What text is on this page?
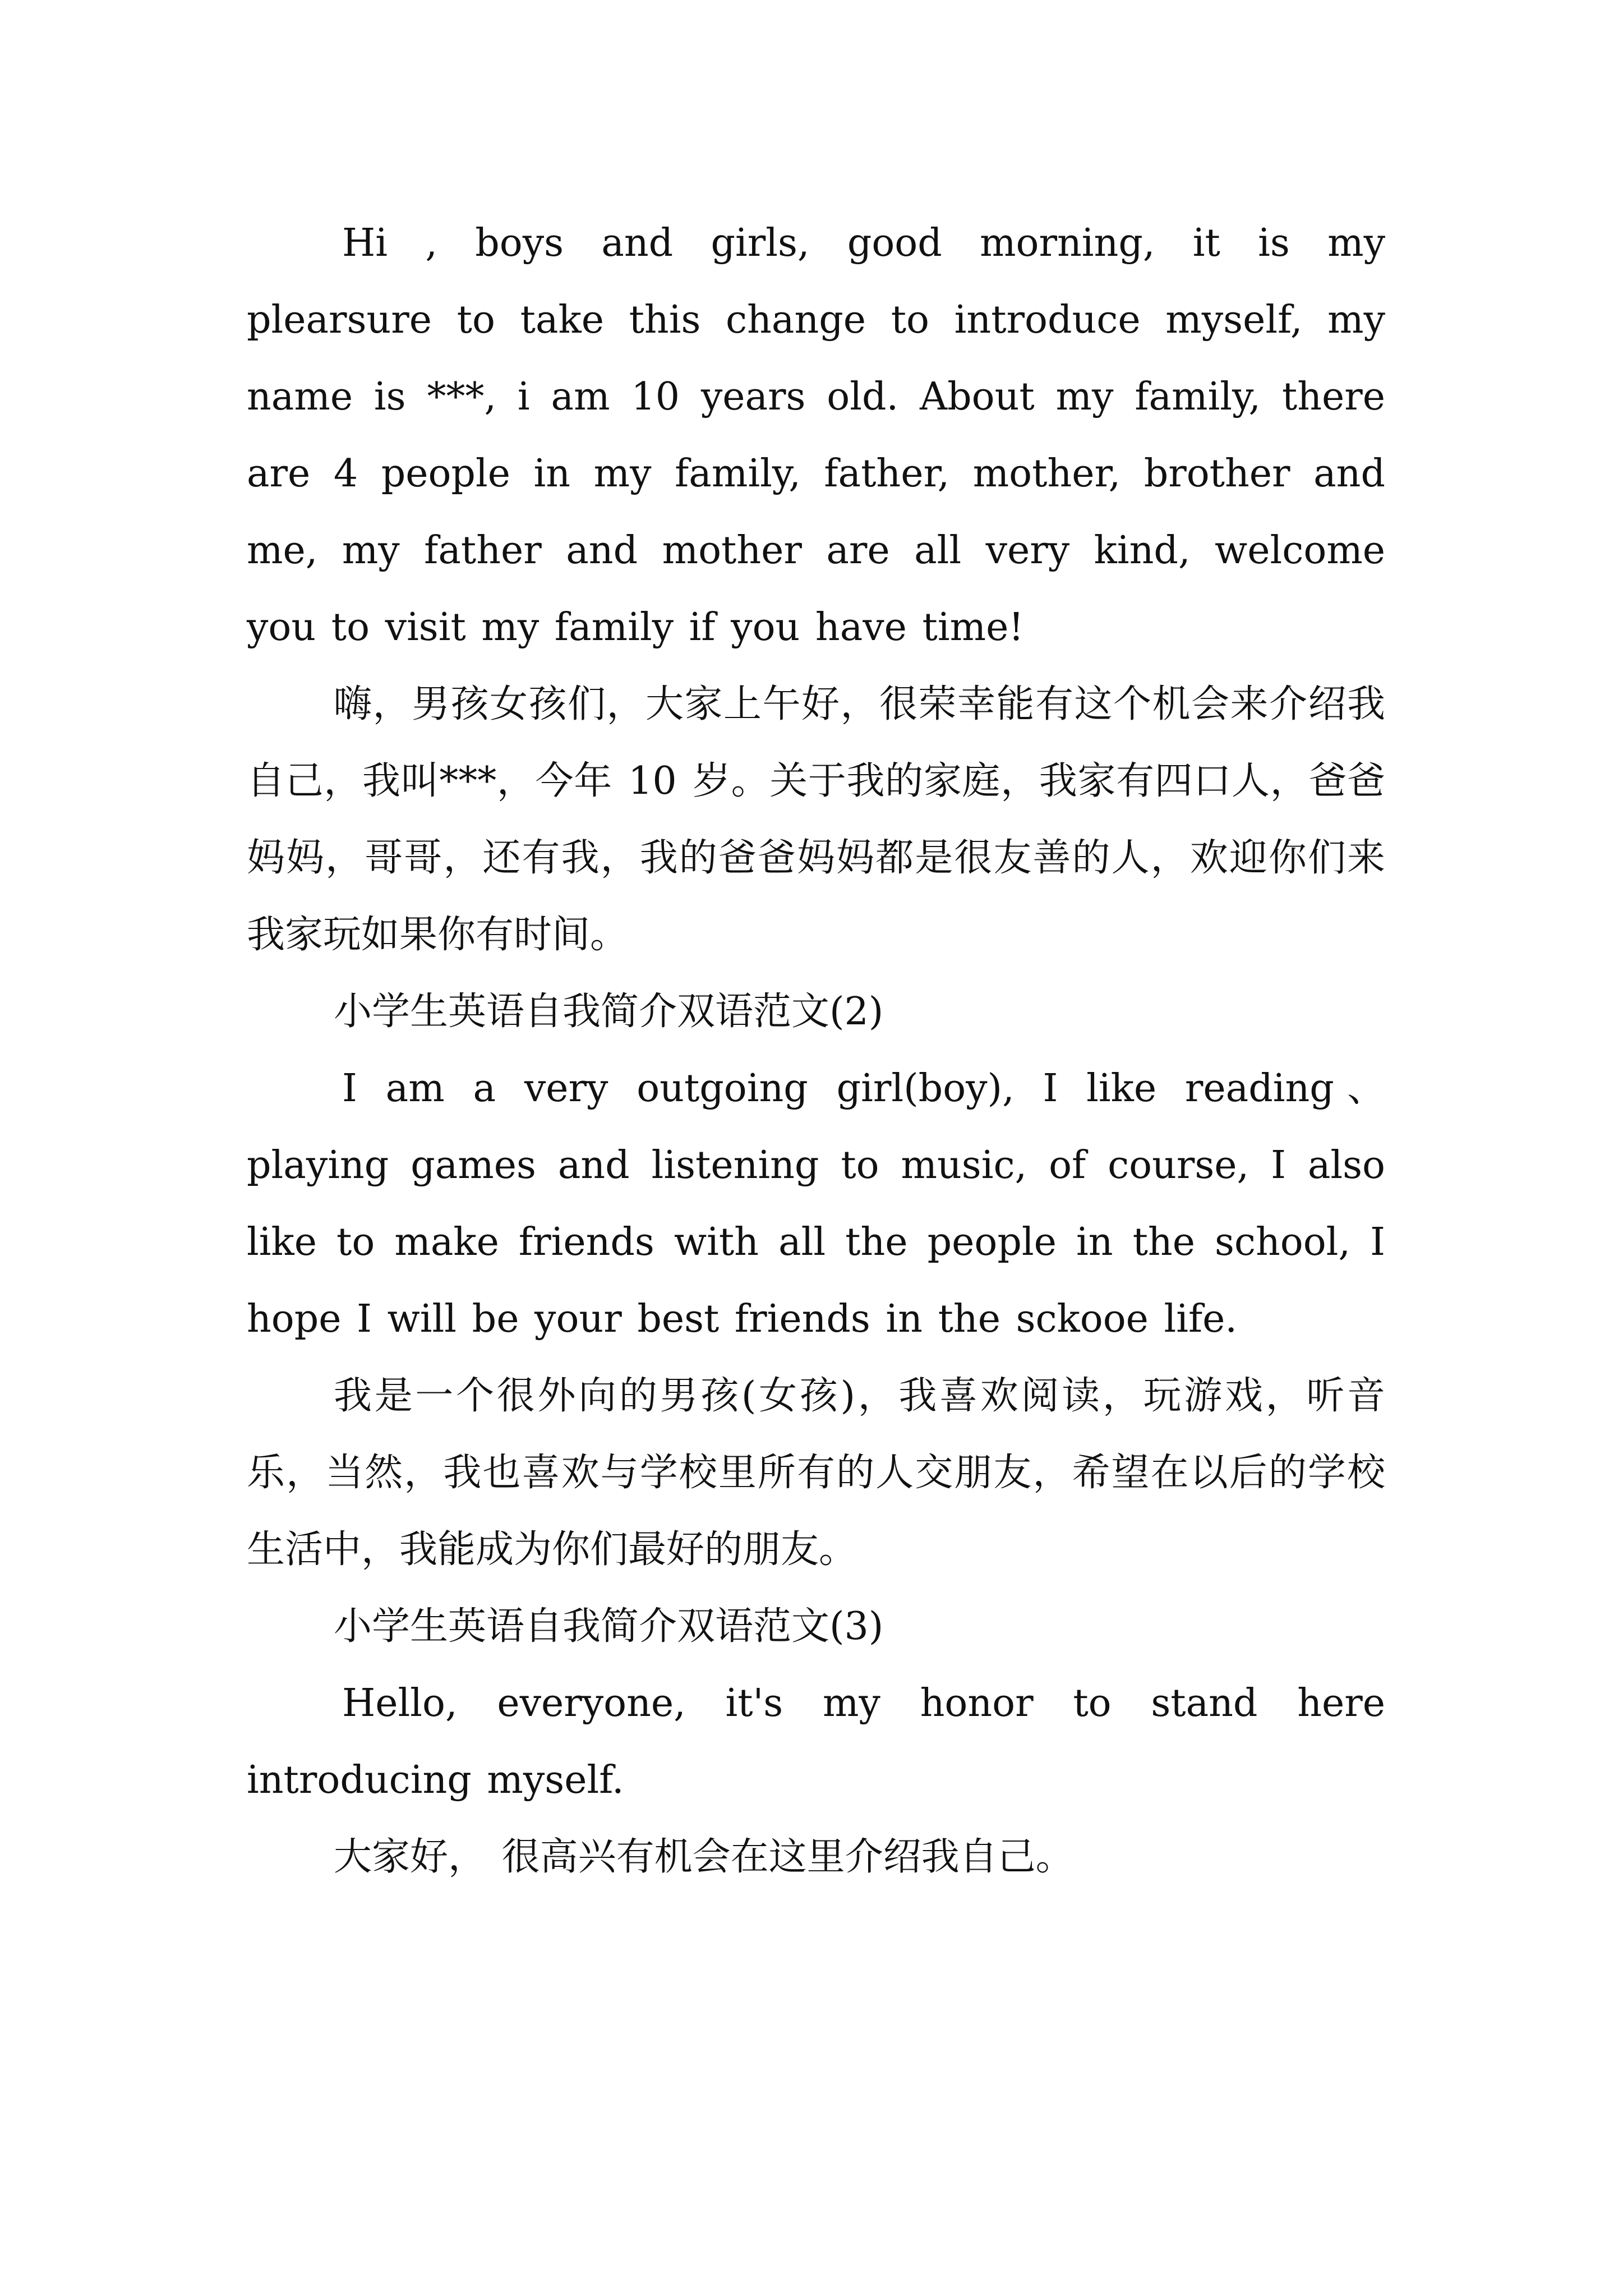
Hi , boys and girls, good morning, it is my plearsure to take this change to introduce myself, my name is ***, i am 10 years old. About my family, there are 4 people in my family, father, mother, brother and me, my father and mother are all very kind, welcome you to visit my family if you have time!

嗨，男孩女孩们，大家上午好，很荣幸能有这个机会来介绍我自己，我叫***，今年 10 岁。关于我的家庭，我家有四口人，爸爸妈妈，哥哥，还有我，我的爸爸妈妈都是很友善的人，欢迎你们来我家玩如果你有时间。

小学生英语自我简介双语范文(2)

I am a very outgoing girl(boy), I like reading、playing games and listening to music, of course, I also like to make friends with all the people in the school, I hope I will be your best friends in the sckooe life.

我是一个很外向的男孩(女孩)，我喜欢阅读，玩游戏，听音乐，当然，我也喜欢与学校里所有的人交朋友，希望在以后的学校生活中，我能成为你们最好的朋友。

小学生英语自我简介双语范文(3)

Hello, everyone, it's my honor to stand here introducing myself.

大家好， 很高兴有机会在这里介绍我自己。
